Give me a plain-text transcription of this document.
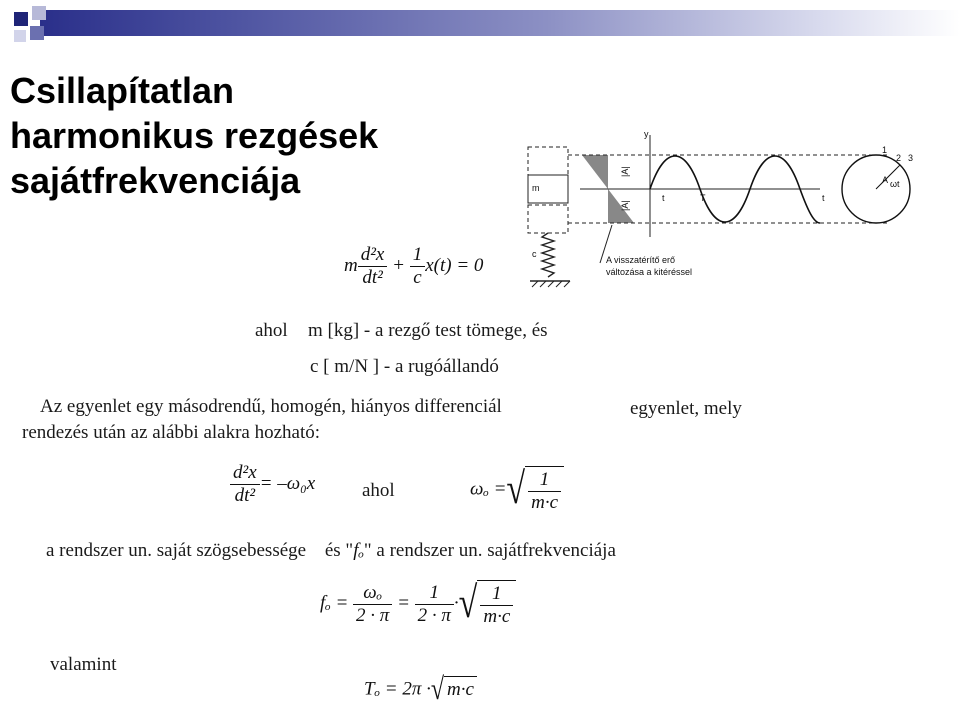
Csillapítatlan
harmonikus rezgések
sajátfrekvenciája	m
c
y
|A|
|A|
t	T	t
A ωt
1
2 3
A visszatérítő erő
változása a kitéréssel
m $\frac{\text{d²x}}{\text{dt²}} + \frac{1}{c} x(t) = 0$
ahol m [kg] - a rezgő test tömege, és
c [ m/N ] - a rugóállandó
Az egyenlet egy másodrendű, homogén, hiányos differenciál	egyenlet, mely
rendezés után az alábbi alakra hozható:
$\frac{\text{d²x}}{\text{dt²}} = -\omega_0x$ ahol	ωₒ =√ $\frac{1}{m\cdot c}$
a rendszer un. saját szögsebessége és "fₒ" a rendszer un. sajátfrekvenciája
$f_o = \frac{\text{ωₒ}}{2 \cdot \pi} = \frac{1}{2 \cdot \pi}$ ·√ $\frac{1}{m\cdot c}$
valamint
Tₒ = 2π ·√ m·c
